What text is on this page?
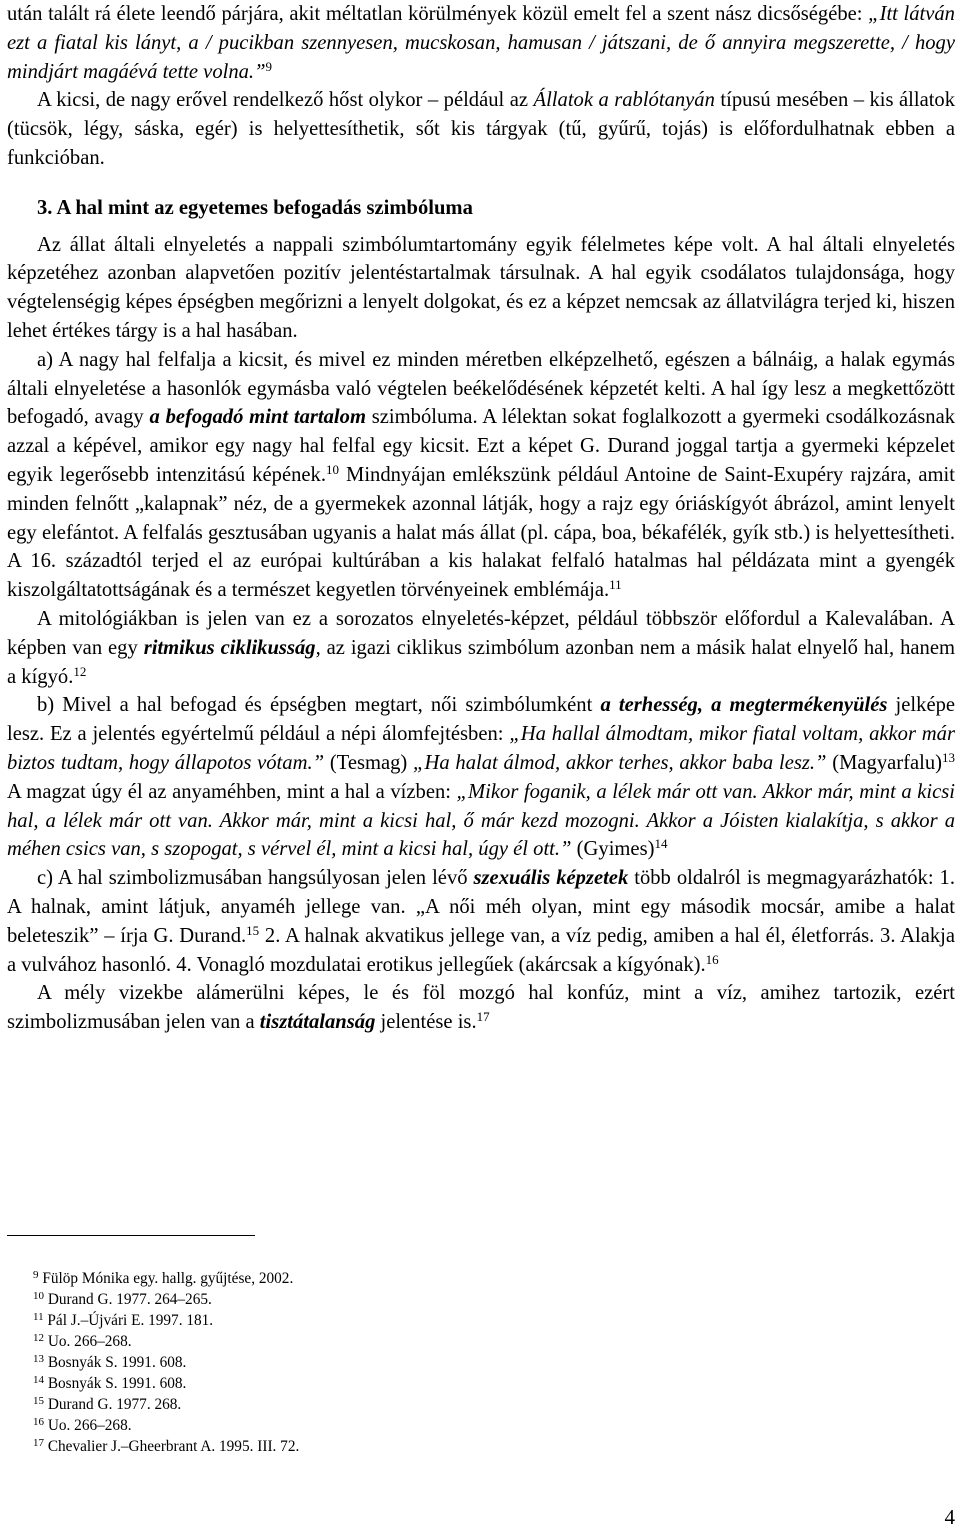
után talált rá élete leendő párjára, akit méltatlan körülmények közül emelt fel a szent nász dicsőségébe: „Itt látván ezt a fiatal kis lányt, a / pucikban szennyesen, mucskosan, hamusan / játszani, de ő annyira megszerette, / hogy mindjárt magáévá tette volna.”$^9$

A kicsi, de nagy erővel rendelkező hőst olykor – például az Állatok a rablótanyán típusú mesében – kis állatok (tücsök, légy, sáska, egér) is helyettesíthetik, sőt kis tárgyak (tű, gyűrű, tojás) is előfordulhatnak ebben a funkcióban.

3. A hal mint az egyetemes befogadás szimbóluma

Az állat általi elnyeletés a nappali szimbólumtartomány egyik félelmetes képe volt. A hal általi elnyeletés képzetéhez azonban alapvetően pozitív jelentéstartalmak társulnak. A hal egyik csodálatos tulajdonsága, hogy végtelenségig képes épségben megőrizni a lenyelt dolgokat, és ez a képzet nemcsak az állatvilágra terjed ki, hiszen lehet értékes tárgy is a hal hasában.

a) A nagy hal felfalja a kicsit, és mivel ez minden méretben elképzelhető, egészen a bálnáig, a halak egymás általi elnyeletése a hasonlók egymásba való végtelen beékelődésének képzetét kelti. A hal így lesz a megkettőzött befogadó, avagy a befogadó mint tartalom szimbóluma. A lélektan sokat foglalkozott a gyermeki csodálkozásnak azzal a képével, amikor egy nagy hal felfal egy kicsit. Ezt a képet G. Durand joggal tartja a gyermeki képzelet egyik legerősebb intenzitású képének.$^{10}$ Mindnyájan emlékszünk például Antoine de Saint-Exupéry rajzára, amit minden felnőtt „kalapnak” néz, de a gyermekek azonnal látják, hogy a rajz egy óriáskígyót ábrázol, amint lenyelt egy elefántot. A felfalás gesztusában ugyanis a halat más állat (pl. cápa, boa, békafélék, gyík stb.) is helyettesítheti. A 16. századtól terjed el az európai kultúrában a kis halakat felfaló hatalmas hal példázata mint a gyengék kiszolgáltatottságának és a természet kegyetlen törvényeinek emblémája.$^{11}$

A mitológiákban is jelen van ez a sorozatos elnyeletés-képzet, például többször előfordul a Kalevalában. A képben van egy ritmikus ciklikusság, az igazi ciklikus szimbólum azonban nem a másik halat elnyelő hal, hanem a kígyó.$^{12}$

b) Mivel a hal befogad és épségben megtart, női szimbólumként a terhesség, a megtermékenyülés jelképe lesz. Ez a jelentés egyértelmű például a népi álomfejtésben: „Ha hallal álmodtam, mikor fiatal voltam, akkor már biztos tudtam, hogy állapotos vótam.” (Tesmag) „Ha halat álmod, akkor terhes, akkor baba lesz.” (Magyarfalu)$^{13}$ A magzat úgy él az anyaméhben, mint a hal a vízben: „Mikor foganik, a lélek már ott van. Akkor már, mint a kicsi hal, a lélek már ott van. Akkor már, mint a kicsi hal, ő már kezd mozogni. Akkor a Jóisten kialakítja, s akkor a méhen csics van, s szopogat, s vérvel él, mint a kicsi hal, úgy él ott.” (Gyimes)$^{14}$

c) A hal szimbolizmusában hangsúlyosan jelen lévő szexuális képzetek több oldalról is megmagyarázhatók: 1. A halnak, amint látjuk, anyaméh jellege van. „A női méh olyan, mint egy második mocsár, amibe a halat beleteszik” – írja G. Durand.$^{15}$ 2. A halnak akvatikus jellege van, a víz pedig, amiben a hal él, életforrás. 3. Alakja a vulvához hasonló. 4. Vonagló mozdulatai erotikus jellegűek (akárcsak a kígyónak).$^{16}$

A mély vizekbe alámerülni képes, le és föl mozgó hal konfúz, mint a víz, amihez tartozik, ezért szimbolizmusában jelen van a tisztátalanság jelentése is.$^{17}$

$^9$ Fülöp Mónika egy. hallg. gyűjtése, 2002.
$^{10}$ Durand G. 1977. 264–265.
$^{11}$ Pál J.–Újvári E. 1997. 181.
$^{12}$ Uo. 266–268.
$^{13}$ Bosnyák S. 1991. 608.
$^{14}$ Bosnyák S. 1991. 608.
$^{15}$ Durand G. 1977. 268.
$^{16}$ Uo. 266–268.
$^{17}$ Chevalier J.–Gheerbrant A. 1995. III. 72.
4
